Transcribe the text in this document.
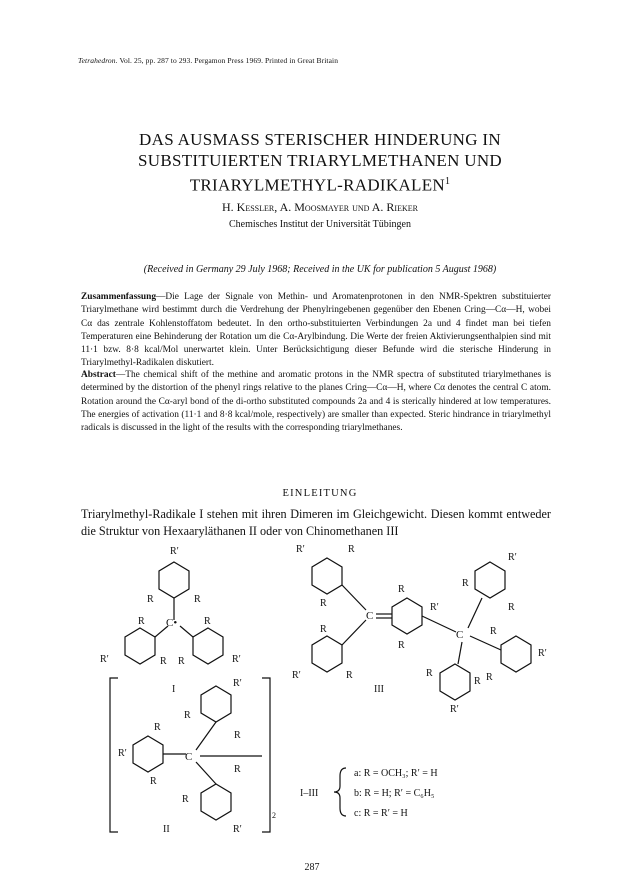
Tetrahedron. Vol. 25, pp. 287 to 293. Pergamon Press 1969. Printed in Great Britain
DAS AUSMASS STERISCHER HINDERUNG IN
SUBSTITUIERTEN TRIARYLMETHANEN UND
TRIARYLMETHYL-RADIKALEN$^1$
H. Kessler, A. Moosmayer und A. Rieker
Chemisches Institut der Universität Tübingen
(Received in Germany 29 July 1968; Received in the UK for publication 5 August 1968)
Zusammenfassung—Die Lage der Signale von Methin- und Aromatenprotonen in den NMR-Spektren substituierter Triarylmethane wird bestimmt durch die Verdrehung der Phenylringebenen gegenüber den Ebenen Cring—Cα—H, wobei Cα das zentrale Kohlenstoffatom bedeutet. In den ortho-substituierten Verbindungen 2a und 4 findet man bei tiefen Temperaturen eine Behinderung der Rotation um die Cα-Arylbindung. Die Werte der freien Aktivierungsenthalpien sind mit 11·1 bzw. 8·8 kcal/Mol unerwartet klein. Unter Berücksichtigung dieser Befunde wird die sterische Hinderung in Triarylmethyl-Radikalen diskutiert.
Abstract—The chemical shift of the methine and aromatic protons in the NMR spectra of substituted triarylmethanes is determined by the distortion of the phenyl rings relative to the planes Cring—Cα—H, where Cα denotes the central C atom. Rotation around the Cα-aryl bond of the di-ortho substituted compounds 2a and 4 is sterically hindered at low temperatures. The energies of activation (11·1 and 8·8 kcal/mole, respectively) are smaller than expected. Steric hindrance in triarylmethyl radicals is discussed in the light of the results with the corresponding triarylmethanes.
EINLEITUNG
Triarylmethyl-Radikale I stehen mit ihren Dimeren im Gleichgewicht. Diesen kommt entweder die Struktur von Hexaaryläthanen II oder von Chinomethanen III
R′
R	R
C•
R	R
R′	R′
R R
I
R′
R
R
R
R′	C
R
R
R
R′
II
2
R′	R
R
R
C
R
R
R′
C
R′
R
R
R
R′
R
R
R
R′	R
R′
III
I–III
a: R = OCH₃; R′ = H
b: R = H; R′ = C₆H₅
c: R = R′ = H
287
